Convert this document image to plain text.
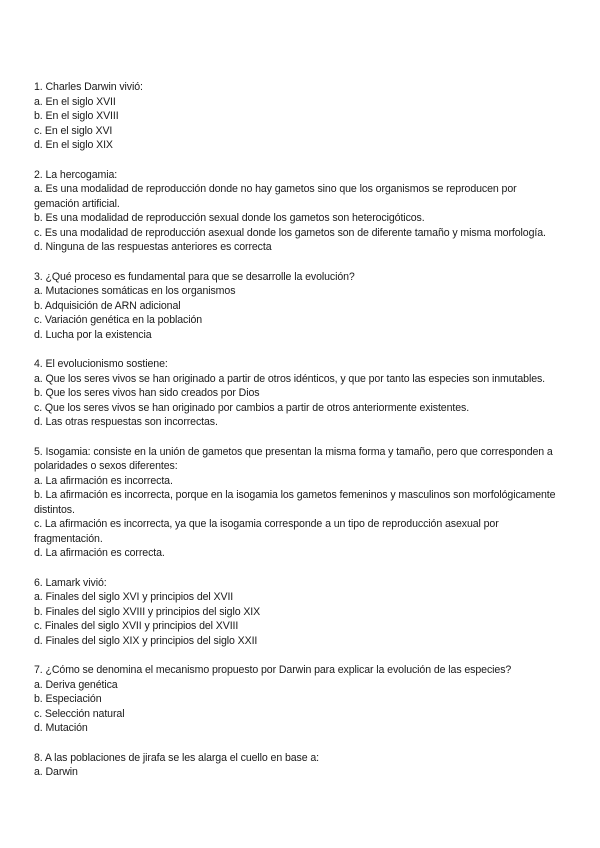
1. Charles Darwin vivió:
a. En el siglo XVII
b. En el siglo XVIII
c. En el siglo XVI
d. En el siglo XIX
2. La hercogamia:
a. Es una modalidad de reproducción donde no hay gametos sino que los organismos se reproducen por gemación artificial.
b. Es una modalidad de reproducción sexual donde los gametos son heterocigóticos.
c. Es una modalidad de reproducción asexual donde los gametos son de diferente tamaño y misma morfología.
d. Ninguna de las respuestas anteriores es correcta
3. ¿Qué proceso es fundamental para que se desarrolle la evolución?
a. Mutaciones somáticas en los organismos
b. Adquisición de ARN adicional
c. Variación genética en la población
d. Lucha por la existencia
4. El evolucionismo sostiene:
a. Que los seres vivos se han originado a partir de otros idénticos, y que por tanto las especies son inmutables.
b. Que los seres vivos han sido creados por Dios
c. Que los seres vivos se han originado por cambios a partir de otros anteriormente existentes.
d. Las otras respuestas son incorrectas.
5. Isogamia: consiste en la unión de gametos que presentan la misma forma y tamaño, pero que corresponden a polaridades o sexos diferentes:
a. La afirmación es incorrecta.
b. La afirmación es incorrecta, porque en la isogamia los gametos femeninos y masculinos son morfológicamente distintos.
c. La afirmación es incorrecta, ya que la isogamia corresponde a un tipo de reproducción asexual por fragmentación.
d. La afirmación es correcta.
6. Lamark vivió:
a. Finales del siglo XVI y principios del XVII
b. Finales del siglo XVIII y principios del siglo XIX
c. Finales del siglo XVII y principios del XVIII
d. Finales del siglo XIX y principios del siglo XXII
7. ¿Cómo se denomina el mecanismo propuesto por Darwin para explicar la evolución de las especies?
a. Deriva genética
b. Especiación
c. Selección natural
d. Mutación
8. A las poblaciones de jirafa se les alarga el cuello en base a:
a. Darwin
